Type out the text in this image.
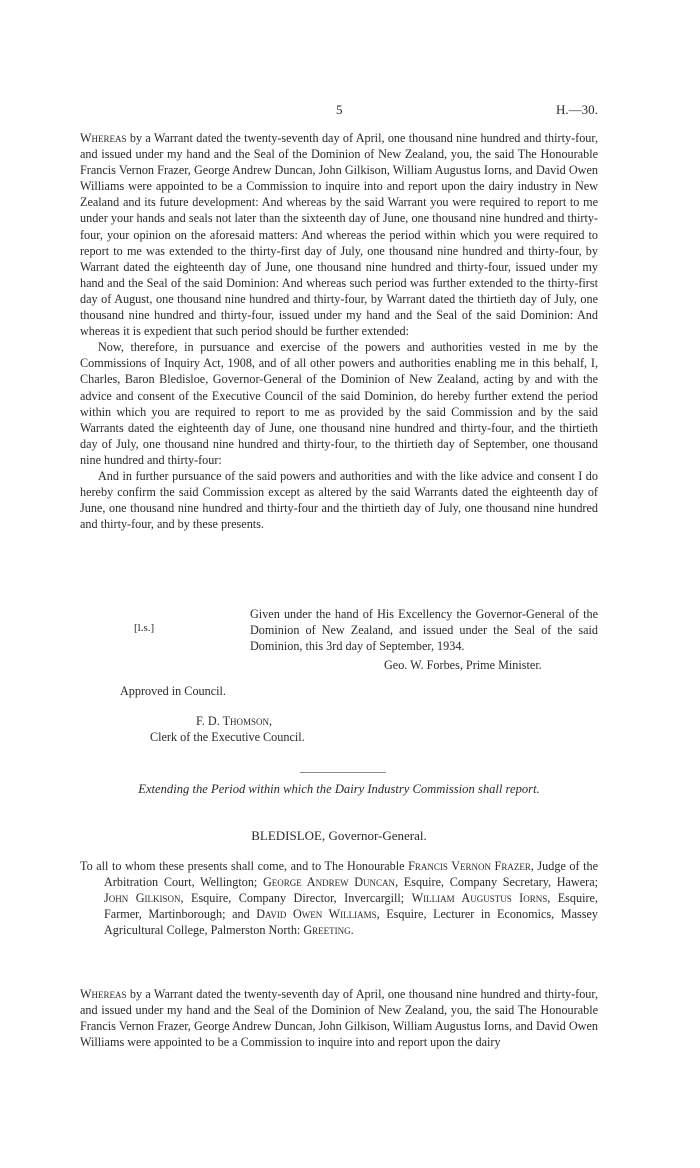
5	H.—30.

Whereas by a Warrant dated the twenty-seventh day of April, one thousand nine hundred and thirty-four, and issued under my hand and the Seal of the Dominion of New Zealand, you, the said The Honourable Francis Vernon Frazer, George Andrew Duncan, John Gilkison, William Augustus Iorns, and David Owen Williams were appointed to be a Commission to inquire into and report upon the dairy industry in New Zealand and its future development: And whereas by the said Warrant you were required to report to me under your hands and seals not later than the sixteenth day of June, one thousand nine hundred and thirty-four, your opinion on the aforesaid matters: And whereas the period within which you were required to report to me was extended to the thirty-first day of July, one thousand nine hundred and thirty-four, by Warrant dated the eighteenth day of June, one thousand nine hundred and thirty-four, issued under my hand and the Seal of the said Dominion: And whereas such period was further extended to the thirty-first day of August, one thousand nine hundred and thirty-four, by Warrant dated the thirtieth day of July, one thousand nine hundred and thirty-four, issued under my hand and the Seal of the said Dominion: And whereas it is expedient that such period should be further extended:

Now, therefore, in pursuance and exercise of the powers and authorities vested in me by the Commissions of Inquiry Act, 1908, and of all other powers and authorities enabling me in this behalf, I, Charles, Baron Bledisloe, Governor-General of the Dominion of New Zealand, acting by and with the advice and consent of the Executive Council of the said Dominion, do hereby further extend the period within which you are required to report to me as provided by the said Commission and by the said Warrants dated the eighteenth day of June, one thousand nine hundred and thirty-four, and the thirtieth day of July, one thousand nine hundred and thirty-four, to the thirtieth day of September, one thousand nine hundred and thirty-four:

And in further pursuance of the said powers and authorities and with the like advice and consent I do hereby confirm the said Commission except as altered by the said Warrants dated the eighteenth day of June, one thousand nine hundred and thirty-four and the thirtieth day of July, one thousand nine hundred and thirty-four, and by these presents.

Given under the hand of His Excellency the Governor-General of the Dominion of New Zealand, and issued under the Seal of the said Dominion, this 3rd day of September, 1934.
[l.s.]
Geo. W. Forbes, Prime Minister.
Approved in Council.
F. D. Thomson,
Clerk of the Executive Council.
Extending the Period within which the Dairy Industry Commission shall report.
BLEDISLOE, Governor-General.
To all to whom these presents shall come, and to The Honourable Francis Vernon Frazer, Judge of the Arbitration Court, Wellington; George Andrew Duncan, Esquire, Company Secretary, Hawera; John Gilkison, Esquire, Company Director, Invercargill; William Augustus Iorns, Esquire, Farmer, Martinborough; and David Owen Williams, Esquire, Lecturer in Economics, Massey Agricultural College, Palmerston North: Greeting.
Whereas by a Warrant dated the twenty-seventh day of April, one thousand nine hundred and thirty-four, and issued under my hand and the Seal of the Dominion of New Zealand, you, the said The Honourable Francis Vernon Frazer, George Andrew Duncan, John Gilkison, William Augustus Iorns, and David Owen Williams were appointed to be a Commission to inquire into and report upon the dairy
